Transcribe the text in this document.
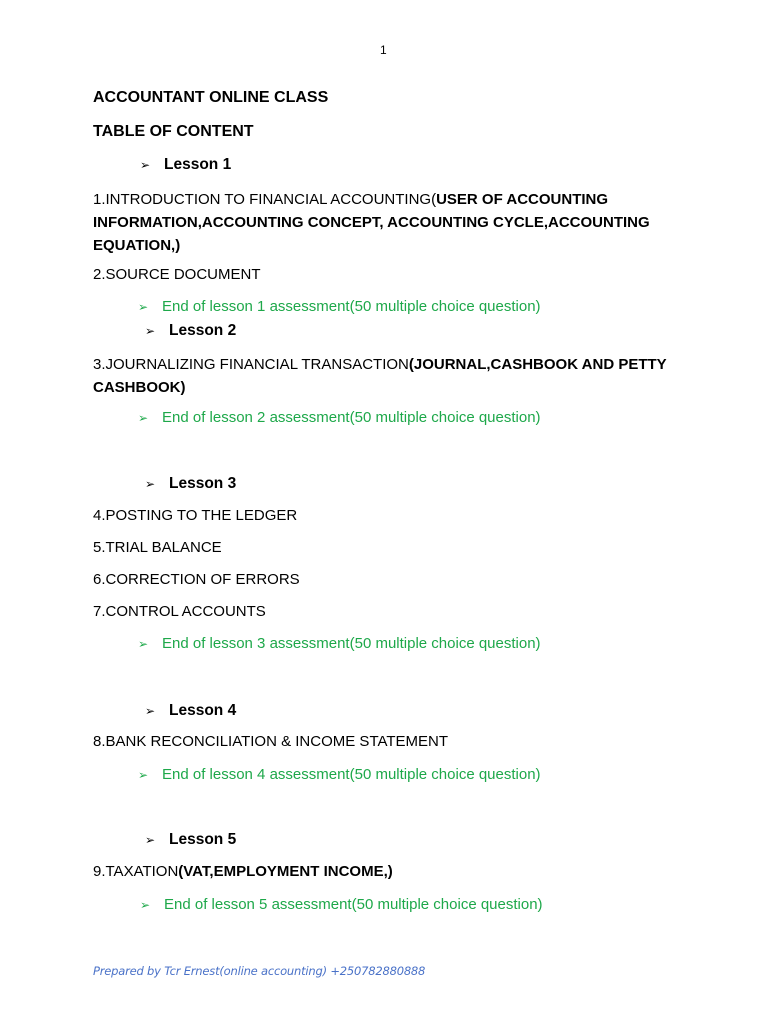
1
ACCOUNTANT ONLINE CLASS
TABLE OF CONTENT
➢ Lesson 1
1.INTRODUCTION TO FINANCIAL ACCOUNTING(USER OF ACCOUNTING INFORMATION,ACCOUNTING CONCEPT, ACCOUNTING CYCLE,ACCOUNTING EQUATION,)
2.SOURCE DOCUMENT
➢ End of lesson 1 assessment(50 multiple choice question)
➢ Lesson 2
3.JOURNALIZING FINANCIAL TRANSACTION(JOURNAL,CASHBOOK AND PETTY CASHBOOK)
➢ End of lesson 2 assessment(50 multiple choice question)
➢ Lesson 3
4.POSTING TO THE LEDGER
5.TRIAL BALANCE
6.CORRECTION OF ERRORS
7.CONTROL ACCOUNTS
➢ End of lesson 3 assessment(50 multiple choice question)
➢ Lesson 4
8.BANK RECONCILIATION & INCOME STATEMENT
➢ End of lesson 4 assessment(50 multiple choice question)
➢ Lesson 5
9.TAXATION(VAT,EMPLOYMENT INCOME,)
➢ End of lesson 5 assessment(50 multiple choice question)
Prepared by Tcr Ernest(online accounting) +250782880888
